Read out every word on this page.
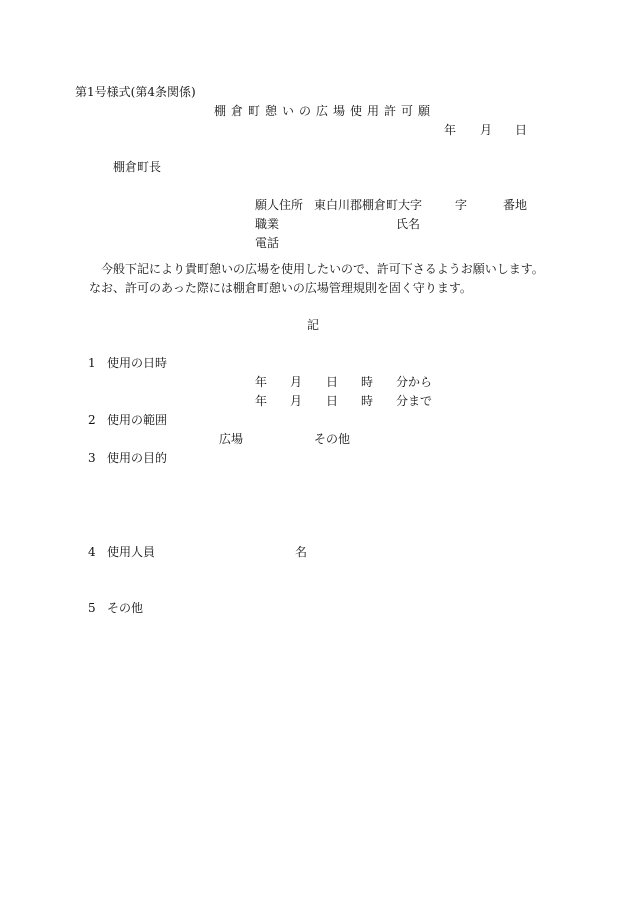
第1号様式(第4条関係)
棚倉町憩いの広場使用許可願
年 月 日
棚倉町長
願人住所 東白川郡棚倉町大字	字	番地
職業	氏名
電話
今般下記により貴町憩いの広場を使用したいので、許可下さるようお願いします。
なお、許可のあった際には棚倉町憩いの広場管理規則を固く守ります。
記
1 使用の日時
年 月 日 時 分から
年 月 日 時 分まで
2 使用の範囲
広場	その他
3 使用の目的
4 使用人員	名
5 その他
